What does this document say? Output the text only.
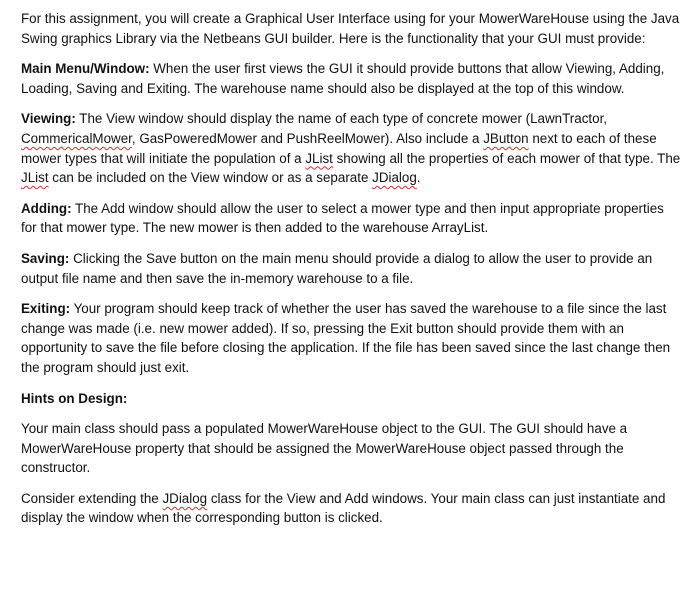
For this assignment, you will create a Graphical User Interface using for your MowerWareHouse using the Java Swing graphics Library via the Netbeans GUI builder. Here is the functionality that your GUI must provide:

Main Menu/Window: When the user first views the GUI it should provide buttons that allow Viewing, Adding, Loading, Saving and Exiting. The warehouse name should also be displayed at the top of this window.

Viewing: The View window should display the name of each type of concrete mower (LawnTractor, CommericalMower, GasPoweredMower and PushReelMower). Also include a JButton next to each of these mower types that will initiate the population of a JList showing all the properties of each mower of that type. The JList can be included on the View window or as a separate JDialog.

Adding: The Add window should allow the user to select a mower type and then input appropriate properties for that mower type. The new mower is then added to the warehouse ArrayList.

Saving: Clicking the Save button on the main menu should provide a dialog to allow the user to provide an output file name and then save the in-memory warehouse to a file.

Exiting: Your program should keep track of whether the user has saved the warehouse to a file since the last change was made (i.e. new mower added). If so, pressing the Exit button should provide them with an opportunity to save the file before closing the application. If the file has been saved since the last change then the program should just exit.

Hints on Design:

Your main class should pass a populated MowerWareHouse object to the GUI. The GUI should have a MowerWareHouse property that should be assigned the MowerWareHouse object passed through the constructor.

Consider extending the JDialog class for the View and Add windows. Your main class can just instantiate and display the window when the corresponding button is clicked.
